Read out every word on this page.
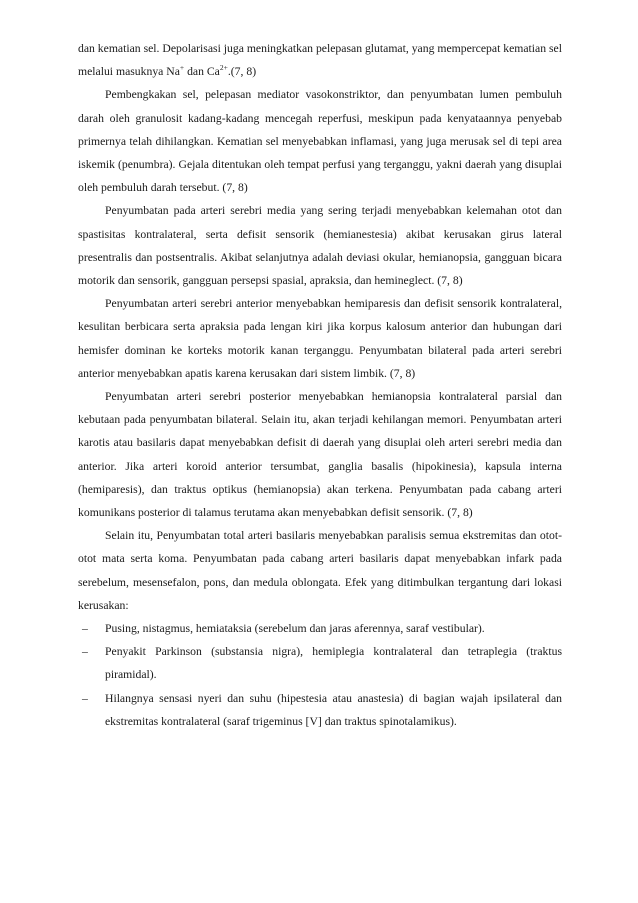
dan kematian sel. Depolarisasi juga meningkatkan pelepasan glutamat, yang mempercepat kematian sel melalui masuknya Na+ dan $Ca^{2+}.(7$, 8)

Pembengkakan sel, pelepasan mediator vasokonstriktor, dan penyumbatan lumen pembuluh darah oleh granulosit kadang-kadang mencegah reperfusi, meskipun pada kenyataannya penyebab primernya telah dihilangkan. Kematian sel menyebabkan inflamasi, yang juga merusak sel di tepi area iskemik (penumbra). Gejala ditentukan oleh tempat perfusi yang terganggu, yakni daerah yang disuplai oleh pembuluh darah tersebut. (7, 8)

Penyumbatan pada arteri serebri media yang sering terjadi menyebabkan kelemahan otot dan spastisitas kontralateral, serta defisit sensorik (hemianestesia) akibat kerusakan girus lateral presentralis dan postsentralis. Akibat selanjutnya adalah deviasi okular, hemianopsia, gangguan bicara motorik dan sensorik, gangguan persepsi spasial, apraksia, dan hemineglect. (7, 8)

Penyumbatan arteri serebri anterior menyebabkan hemiparesis dan defisit sensorik kontralateral, kesulitan berbicara serta apraksia pada lengan kiri jika korpus kalosum anterior dan hubungan dari hemisfer dominan ke korteks motorik kanan terganggu. Penyumbatan bilateral pada arteri serebri anterior menyebabkan apatis karena kerusakan dari sistem limbik. (7, 8)

Penyumbatan arteri serebri posterior menyebabkan hemianopsia kontralateral parsial dan kebutaan pada penyumbatan bilateral. Selain itu, akan terjadi kehilangan memori. Penyumbatan arteri karotis atau basilaris dapat menyebabkan defisit di daerah yang disuplai oleh arteri serebri media dan anterior. Jika arteri koroid anterior tersumbat, ganglia basalis (hipokinesia), kapsula interna (hemiparesis), dan traktus optikus (hemianopsia) akan terkena. Penyumbatan pada cabang arteri komunikans posterior di talamus terutama akan menyebabkan defisit sensorik. (7, 8)

Selain itu, Penyumbatan total arteri basilaris menyebabkan paralisis semua ekstremitas dan otot-otot mata serta koma. Penyumbatan pada cabang arteri basilaris dapat menyebabkan infark pada serebelum, mesensefalon, pons, dan medula oblongata. Efek yang ditimbulkan tergantung dari lokasi kerusakan:

– Pusing, nistagmus, hemiataksia (serebelum dan jaras aferennya, saraf vestibular).
– Penyakit Parkinson (substansia nigra), hemiplegia kontralateral dan tetraplegia (traktus piramidal).
– Hilangnya sensasi nyeri dan suhu (hipestesia atau anastesia) di bagian wajah ipsilateral dan ekstremitas kontralateral (saraf trigeminus [V] dan traktus spinotalamikus).
